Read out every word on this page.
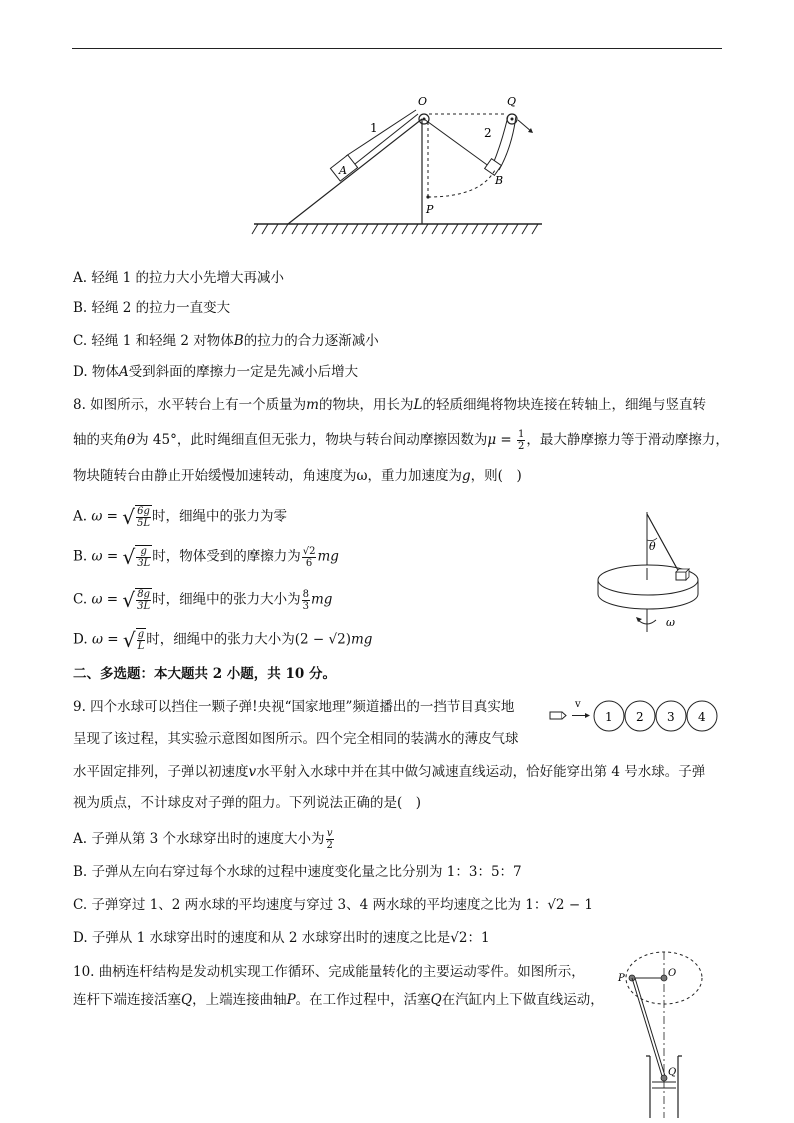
A
1
O	Q
2
B
P
A. 轻绳 1 的拉力大小先增大再减小
B. 轻绳 2 的拉力一直变大
C. 轻绳 1 和轻绳 2 对物体B的拉力的合力逐渐减小
D. 物体A受到斜面的摩擦力一定是先减小后增大
8. 如图所示，水平转台上有一个质量为m的物块，用长为L的轻质细绳将物块连接在转轴上，细绳与竖直转
轴的夹角θ为 45°，此时绳细直但无张力，物块与转台间动摩擦因数为$\mu = \frac{1}{2}$ ，最大静摩擦力等于滑动摩擦力，
物块随转台由静止开始缓慢加速转动，角速度为ω，重力加速度为g，则(　)
A. ω = √ $\frac{6g}{5L}$ 时，细绳中的张力为零
B. ω = √ $\frac{g}{3L}$ 时，物体受到的摩擦力为 $\frac{√2}{6}$ mg
C. ω = √ $\frac{8g}{3L}$ 时，细绳中的张力大小为 $\frac{8}{3}$ mg
D. ω = √ $\frac{g}{L}$ 时，细绳中的张力大小为(2 − √2)mg
θ
ω
二、多选题：本大题共 2 小题，共 10 分。
9. 四个水球可以挡住一颗子弹!央视“国家地理”频道播出的一挡节目真实地
呈现了该过程，其实验示意图如图所示。四个完全相同的装满水的薄皮气球
水平固定排列，子弹以初速度v水平射入水球中并在其中做匀减速直线运动，恰好能穿出第 4 号水球。子弹
视为质点，不计球皮对子弹的阻力。下列说法正确的是(　)
v
1 2 3 4
A. 子弹从第 3 个水球穿出时的速度大小为 $\frac{v}{2}$
B. 子弹从左向右穿过每个水球的过程中速度变化量之比分别为 1：3：5：7
C. 子弹穿过 1、2 两水球的平均速度与穿过 3、4 两水球的平均速度之比为 1：√2 − 1
D. 子弹从 1 水球穿出时的速度和从 2 水球穿出时的速度之比是√2：1
10. 曲柄连杆结构是发动机实现工作循环、完成能量转化的主要运动零件。如图所示，
连杆下端连接活塞Q，上端连接曲轴P。在工作过程中，活塞Q在汽缸内上下做直线运动，
P	O
Q
